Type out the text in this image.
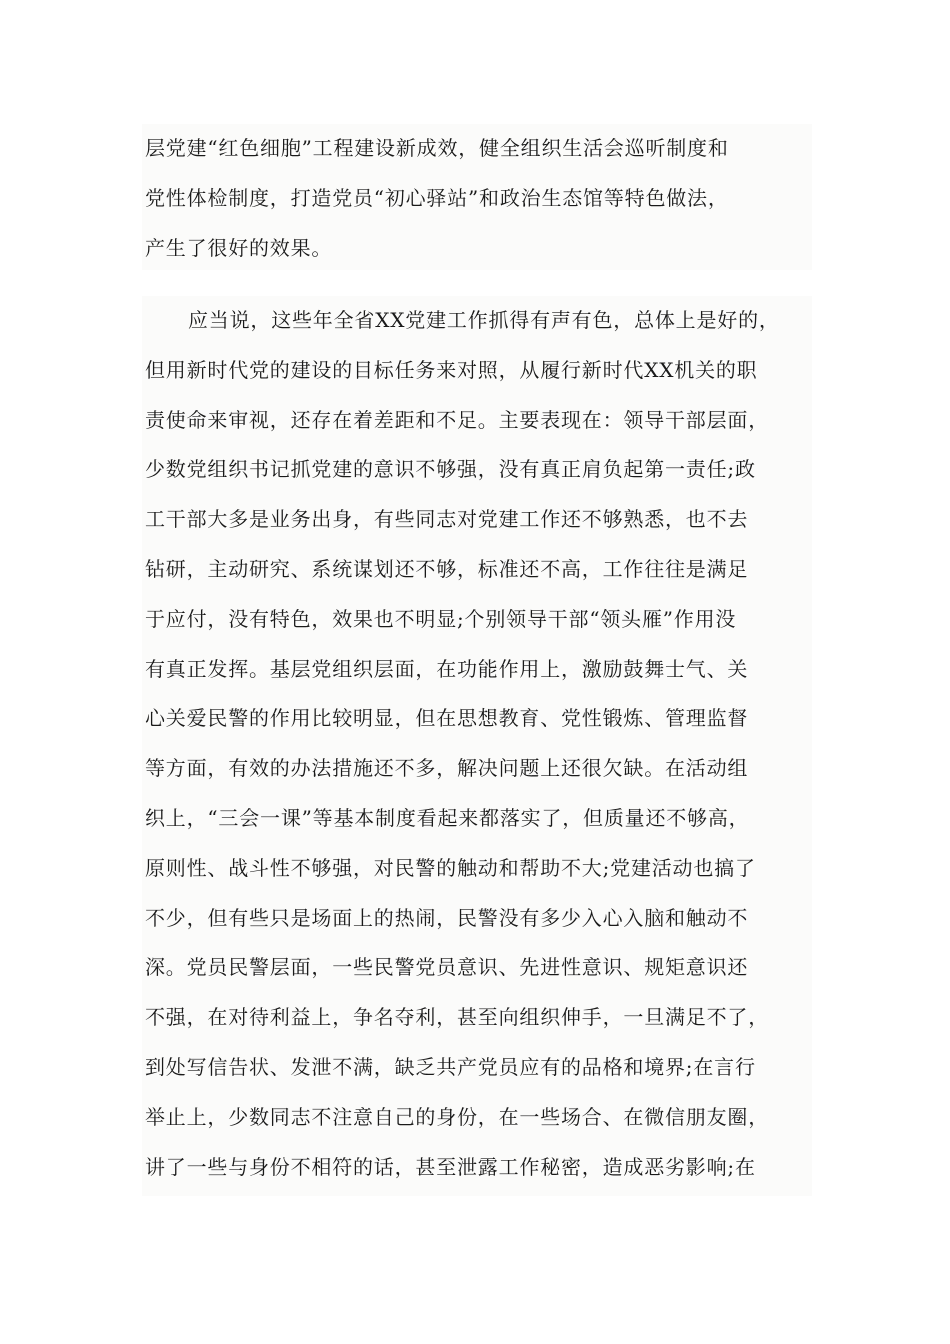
层党建“红色细胞”工程建设新成效，健全组织生活会巡听制度和
党性体检制度，打造党员“初心驿站”和政治生态馆等特色做法，
产生了很好的效果。
应当说，这些年全省XX党建工作抓得有声有色，总体上是好的，
但用新时代党的建设的目标任务来对照，从履行新时代XX机关的职
责使命来审视，还存在着差距和不足。主要表现在：领导干部层面，
少数党组织书记抓党建的意识不够强，没有真正肩负起第一责任;政
工干部大多是业务出身，有些同志对党建工作还不够熟悉，也不去
钻研，主动研究、系统谋划还不够，标准还不高，工作往往是满足
于应付，没有特色，效果也不明显;个别领导干部“领头雁”作用没
有真正发挥。基层党组织层面，在功能作用上，激励鼓舞士气、关
心关爱民警的作用比较明显，但在思想教育、党性锻炼、管理监督
等方面，有效的办法措施还不多，解决问题上还很欠缺。在活动组
织上，“三会一课”等基本制度看起来都落实了，但质量还不够高，
原则性、战斗性不够强，对民警的触动和帮助不大;党建活动也搞了
不少，但有些只是场面上的热闹，民警没有多少入心入脑和触动不
深。党员民警层面，一些民警党员意识、先进性意识、规矩意识还
不强，在对待利益上，争名夺利，甚至向组织伸手，一旦满足不了，
到处写信告状、发泄不满，缺乏共产党员应有的品格和境界;在言行
举止上，少数同志不注意自己的身份，在一些场合、在微信朋友圈，
讲了一些与身份不相符的话，甚至泄露工作秘密，造成恶劣影响;在
